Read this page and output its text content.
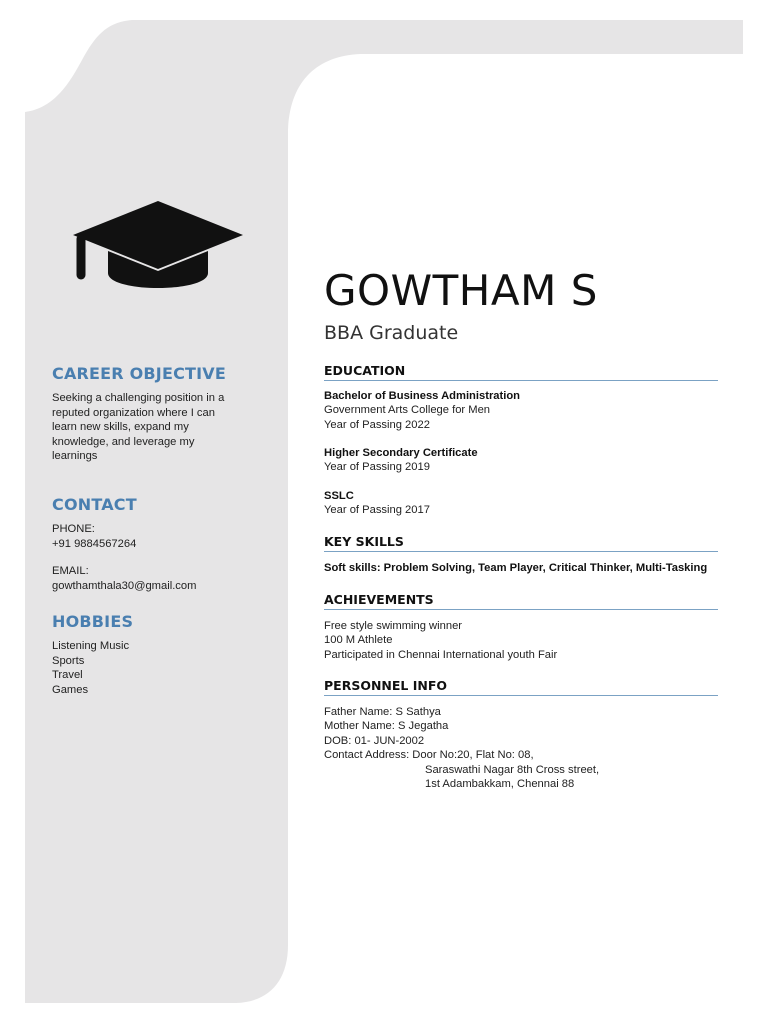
CAREER OBJECTIVE
Seeking a challenging position in a
reputed organization where I can
learn new skills, expand my
knowledge, and leverage my
learnings
CONTACT
PHONE:
+91 9884567264
EMAIL:
gowthamthala30@gmail.com
HOBBIES
Listening Music
Sports
Travel
Games
GOWTHAM S
BBA Graduate
EDUCATION
Bachelor of Business Administration
Government Arts College for Men
Year of Passing 2022
Higher Secondary Certificate
Year of Passing 2019
SSLC
Year of Passing 2017
KEY SKILLS
Soft skills: Problem Solving, Team Player, Critical Thinker, Multi-Tasking
ACHIEVEMENTS
Free style swimming winner
100 M Athlete
Participated in Chennai International youth Fair
PERSONNEL INFO
Father Name: S Sathya
Mother Name: S Jegatha
DOB: 01- JUN-2002
Contact Address: Door No:20, Flat No: 08,
Saraswathi Nagar 8th Cross street,
1st Adambakkam, Chennai 88
